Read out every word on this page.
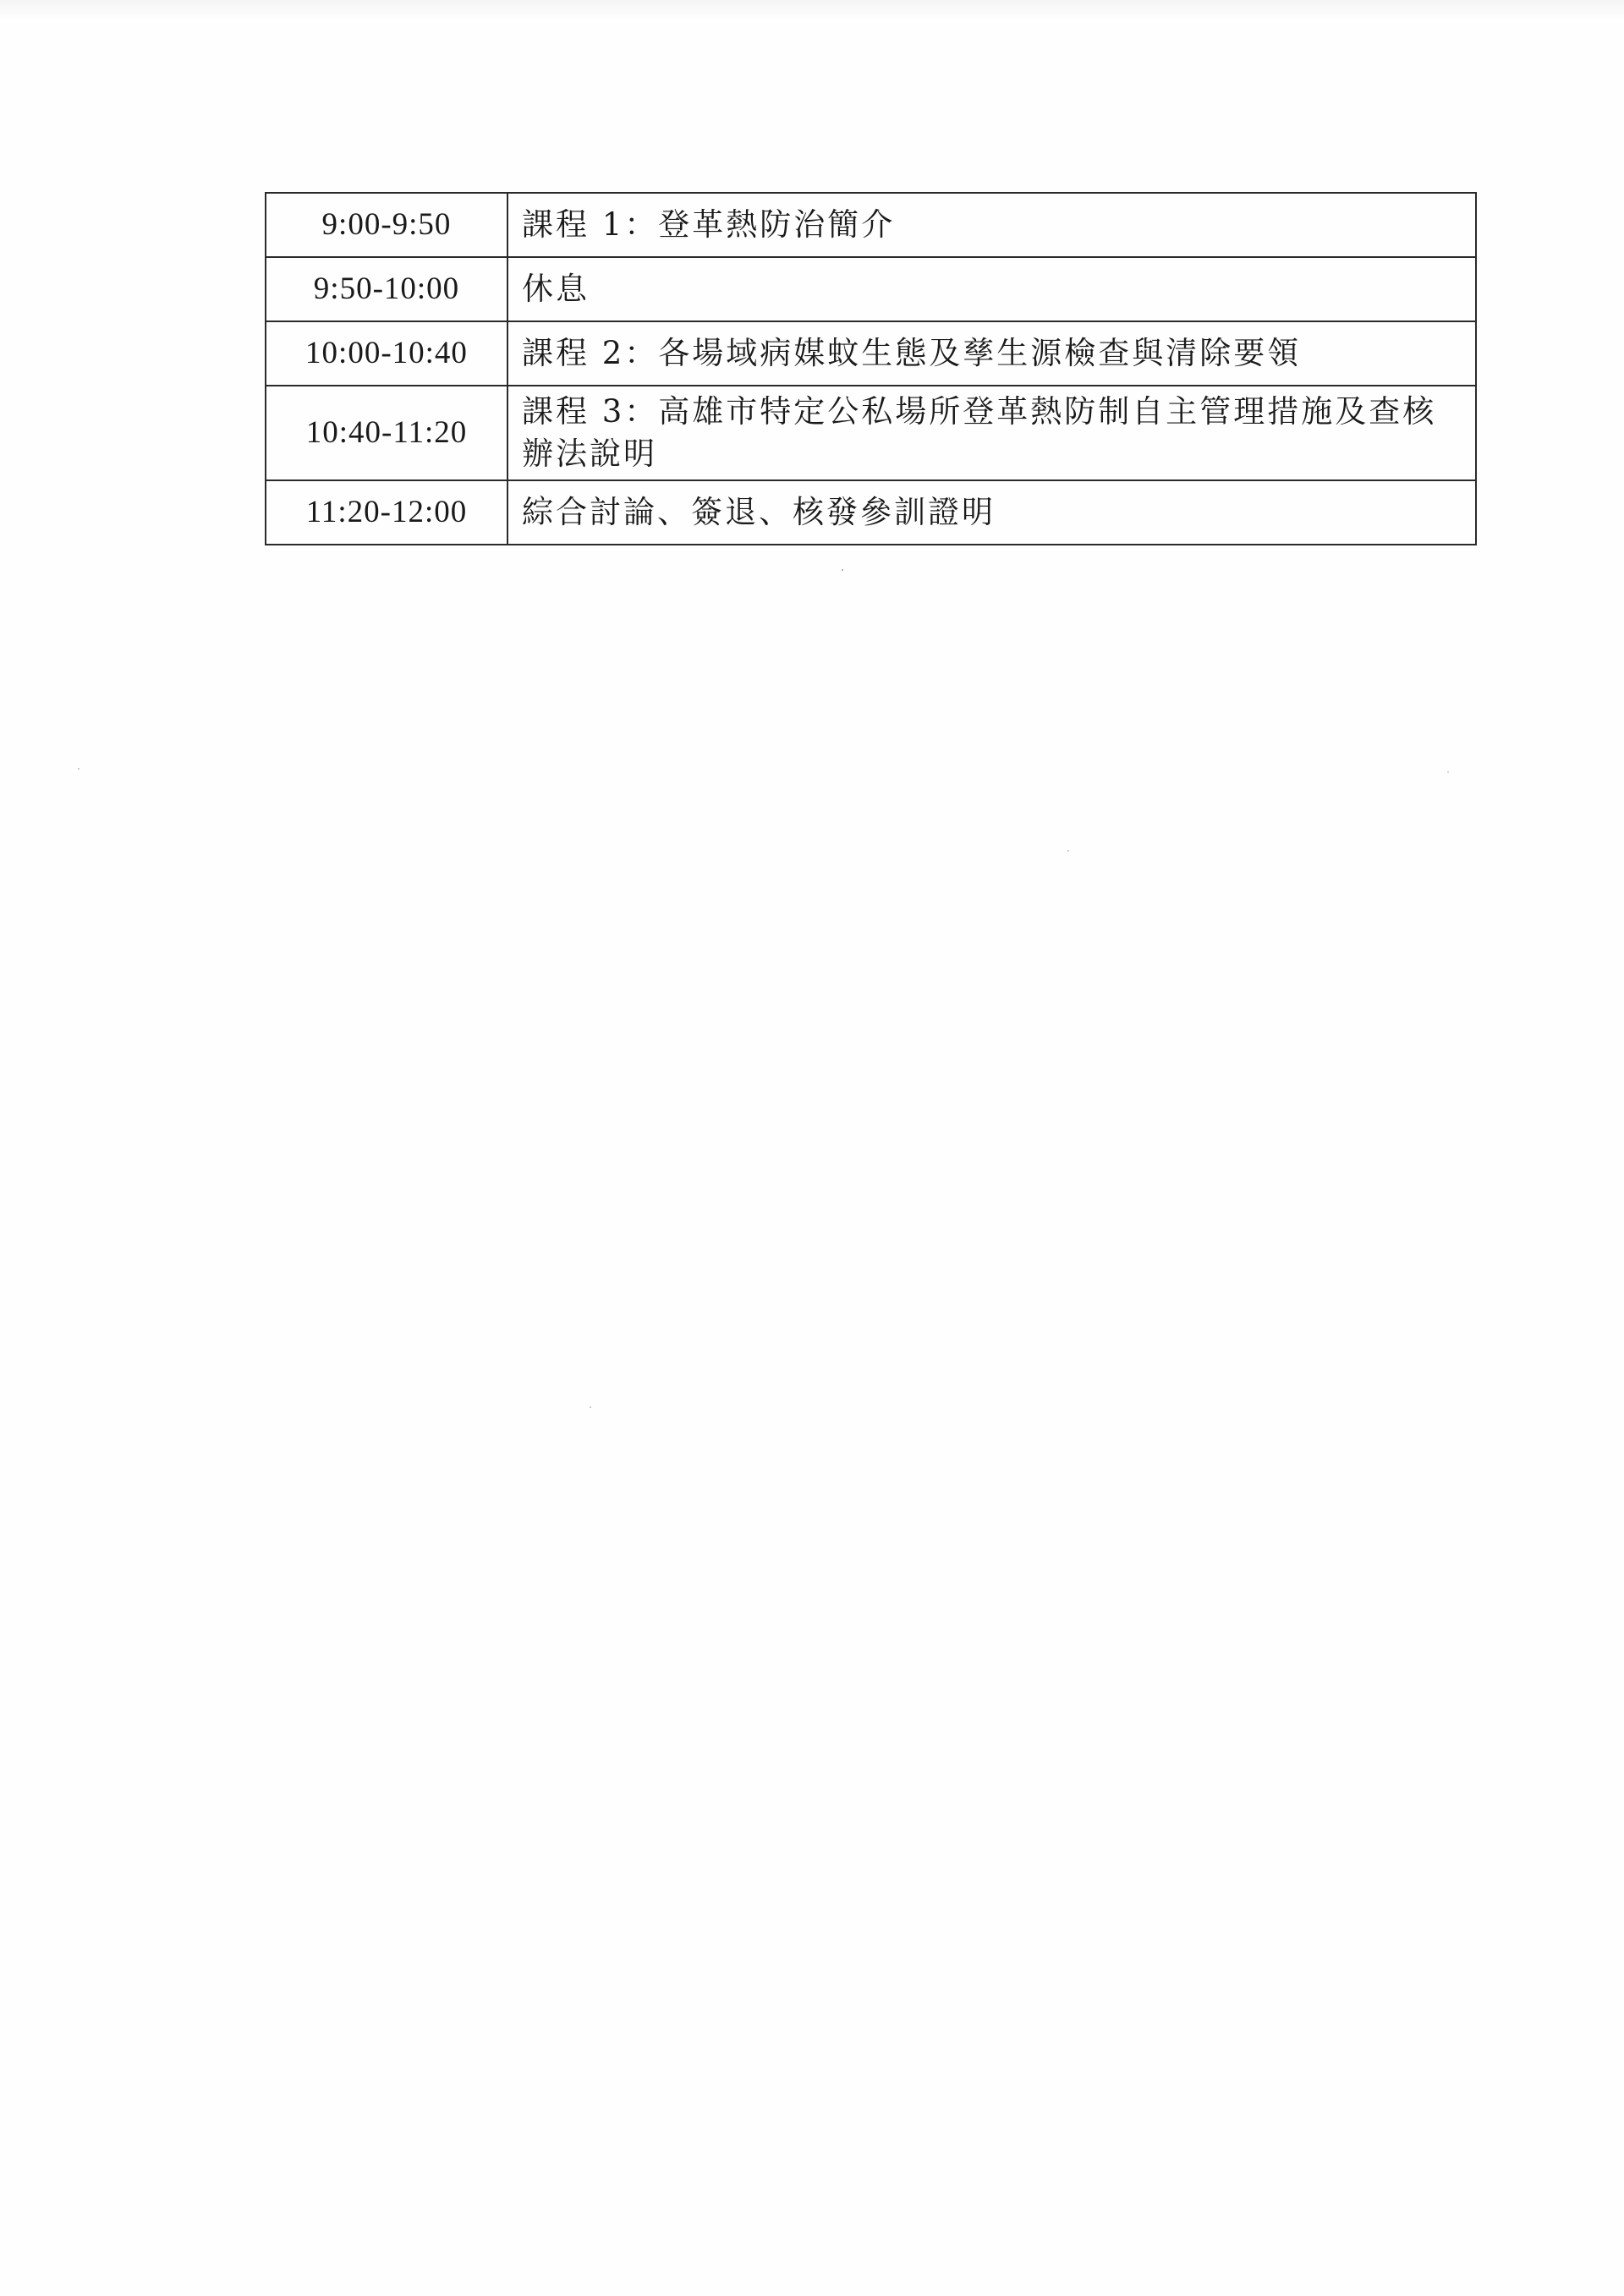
9:00-9:50	課程 1：登革熱防治簡介
9:50-10:00	休息
10:00-10:40	課程 2：各場域病媒蚊生態及孳生源檢查與清除要領
10:40-11:20	課程 3：高雄市特定公私場所登革熱防制自主管理措施及查核辦法說明
11:20-12:00	綜合討論、簽退、核發參訓證明
